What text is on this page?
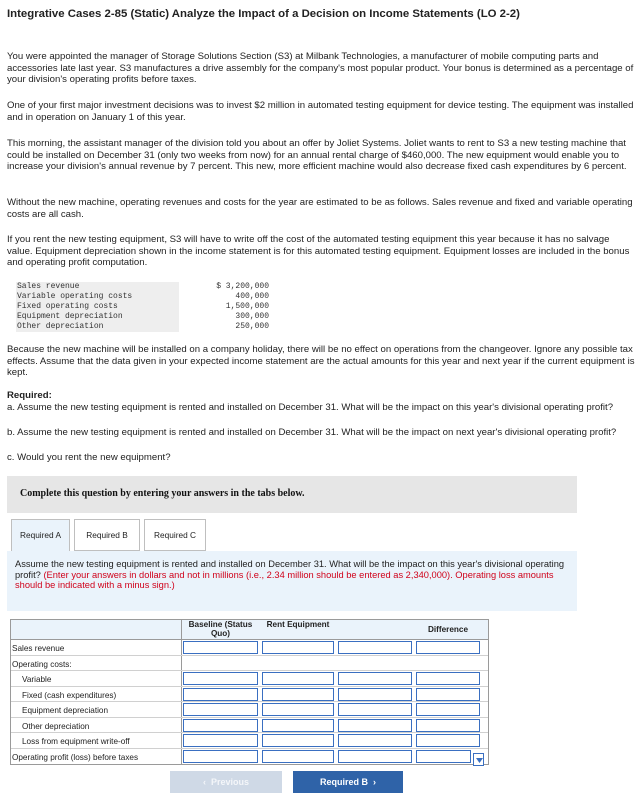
Integrative Cases 2-85 (Static) Analyze the Impact of a Decision on Income Statements (LO 2-2)
You were appointed the manager of Storage Solutions Section (S3) at Milbank Technologies, a manufacturer of mobile computing parts and accessories late last year. S3 manufactures a drive assembly for the company's most popular product. Your bonus is determined as a percentage of your division's operating profits before taxes.
One of your first major investment decisions was to invest $2 million in automated testing equipment for device testing. The equipment was installed and in operation on January 1 of this year.
This morning, the assistant manager of the division told you about an offer by Joliet Systems. Joliet wants to rent to S3 a new testing machine that could be installed on December 31 (only two weeks from now) for an annual rental charge of $460,000. The new equipment would enable you to increase your division's annual revenue by 7 percent. This new, more efficient machine would also decrease fixed cash expenditures by 6 percent.
Without the new machine, operating revenues and costs for the year are estimated to be as follows. Sales revenue and fixed and variable operating costs are all cash.
If you rent the new testing equipment, S3 will have to write off the cost of the automated testing equipment this year because it has no salvage value. Equipment depreciation shown in the income statement is for this automated testing equipment. Equipment losses are included in the bonus and operating profit computation.
Sales revenue	$ 3,200,000
Variable operating costs	400,000
Fixed operating costs	1,500,000
Equipment depreciation	300,000
Other depreciation	250,000
Because the new machine will be installed on a company holiday, there will be no effect on operations from the changeover. Ignore any possible tax effects. Assume that the data given in your expected income statement are the actual amounts for this year and next year if the current equipment is kept.
Required:
a. Assume the new testing equipment is rented and installed on December 31. What will be the impact on this year's divisional operating profit?
b. Assume the new testing equipment is rented and installed on December 31. What will be the impact on next year's divisional operating profit?
c. Would you rent the new equipment?
Complete this question by entering your answers in the tabs below.
Required A	Required B	Required C
Assume the new testing equipment is rented and installed on December 31. What will be the impact on this year's divisional operating profit? (Enter your answers in dollars and not in millions (i.e., 2.34 million should be entered as 2,340,000). Operating loss amounts should be indicated with a minus sign.)
Baseline (Status Quo)
Rent Equipment
Difference
Sales revenue
Operating costs:
Variable
Fixed (cash expenditures)
Equipment depreciation
Other depreciation
Loss from equipment write-off
Operating profit (loss) before taxes
‹  Previous	Required B  ›
